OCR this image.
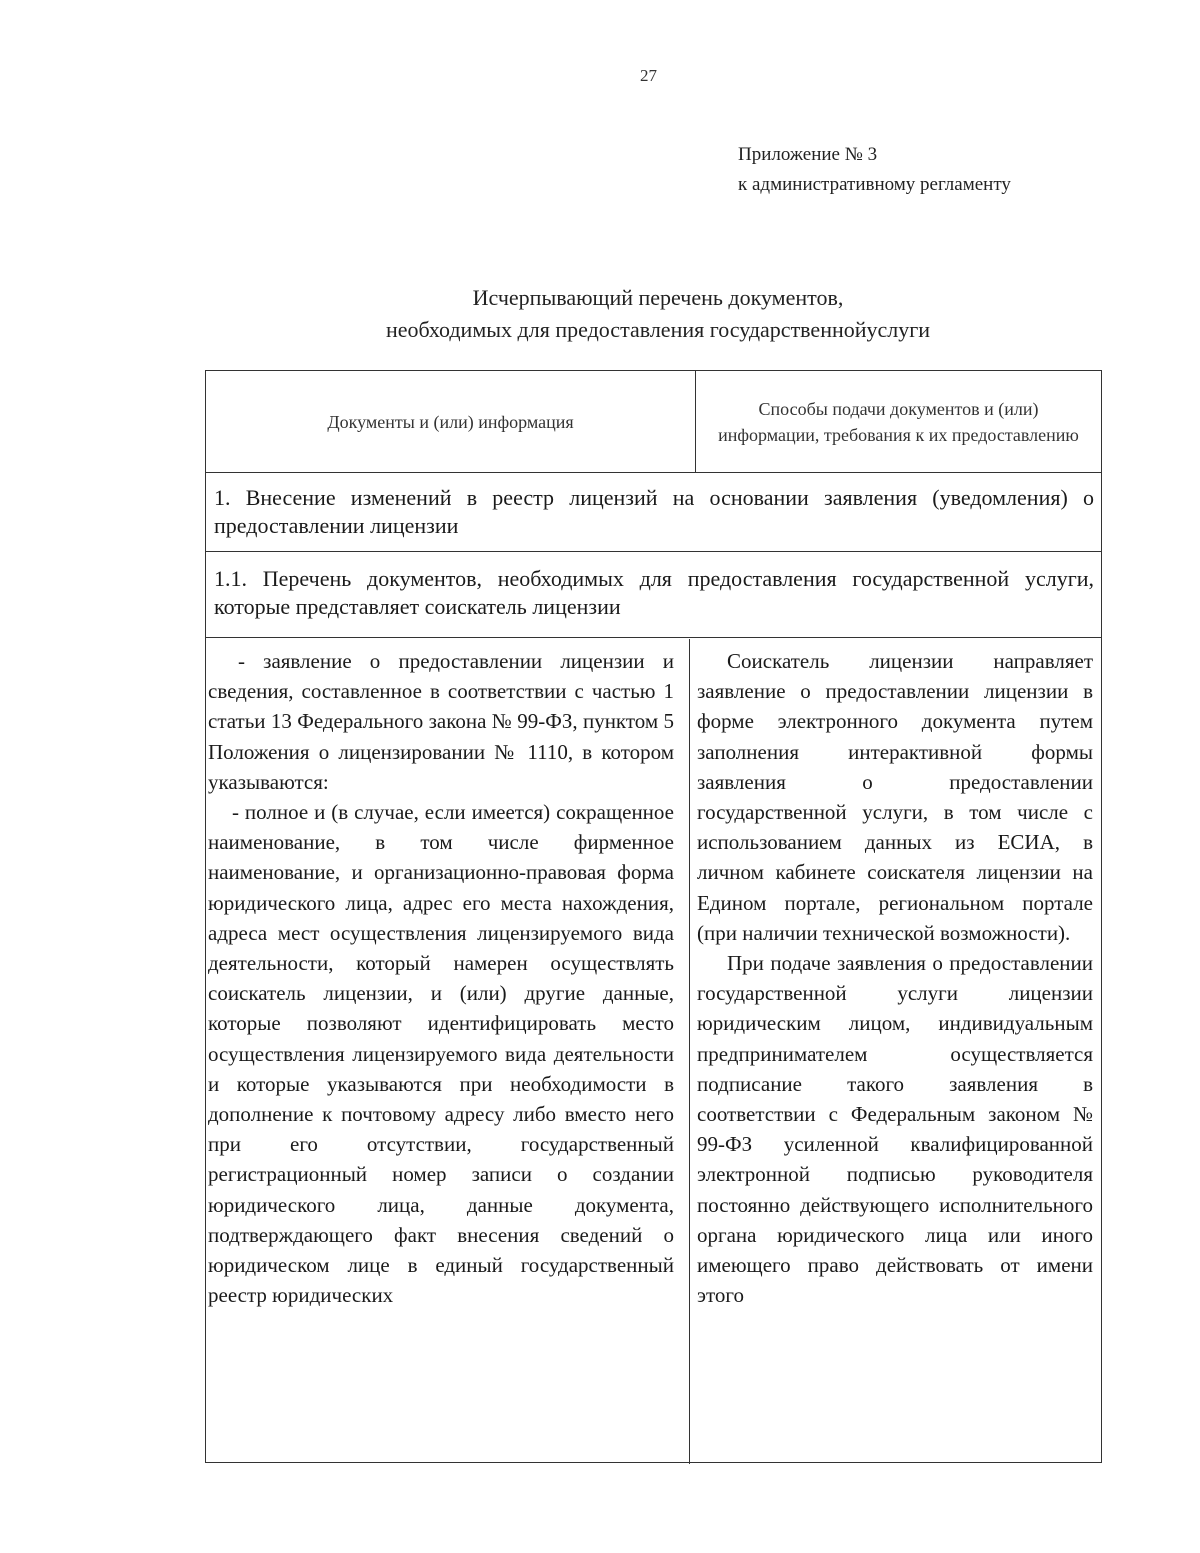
27
Приложение № 3
к административному регламенту
Исчерпывающий перечень документов,
необходимых для предоставления государственнойуслуги
Документы и (или) информация
Способы подачи документов и (или) информации, требования к их предоставлению
1. Внесение изменений в реестр лицензий на основании заявления (уведомления) о предоставлении лицензии
1.1. Перечень документов, необходимых для предоставления государственной услуги, которые представляет соискатель лицензии

- заявление о предоставлении лицензии и сведения, составленное в соответствии с частью 1 статьи 13 Федерального закона № 99-ФЗ, пунктом 5 Положения о лицензировании № 1110, в котором указываются:

- полное и (в случае, если имеется) сокращенное наименование, в том числе фирменное наименование, и организационно-правовая форма юридического лица, адрес его места нахождения, адреса мест осуществления лицензируемого вида деятельности, который намерен осуществлять соискатель лицензии, и (или) другие данные, которые позволяют идентифицировать место осуществления лицензируемого вида деятельности и которые указываются при необходимости в дополнение к почтовому адресу либо вместо него при его отсутствии, государственный регистрационный номер записи о создании юридического лица, данные документа, подтверждающего факт внесения сведений о юридическом лице в единый государственный реестр юридических

Соискатель лицензии направляет заявление о предоставлении лицензии в форме электронного документа путем заполнения интерактивной формы заявления о предоставлении государственной услуги, в том числе с использованием данных из ЕСИА, в личном кабинете соискателя лицензии на Едином портале, региональном портале (при наличии технической возможности).

При подаче заявления о предоставлении государственной услуги лицензии юридическим лицом, индивидуальным предпринимателем осуществляется подписание такого заявления в соответствии с Федеральным законом № 99-ФЗ усиленной квалифицированной электронной подписью руководителя постоянно действующего исполнительного органа юридического лица или иного имеющего право действовать от имени этого
